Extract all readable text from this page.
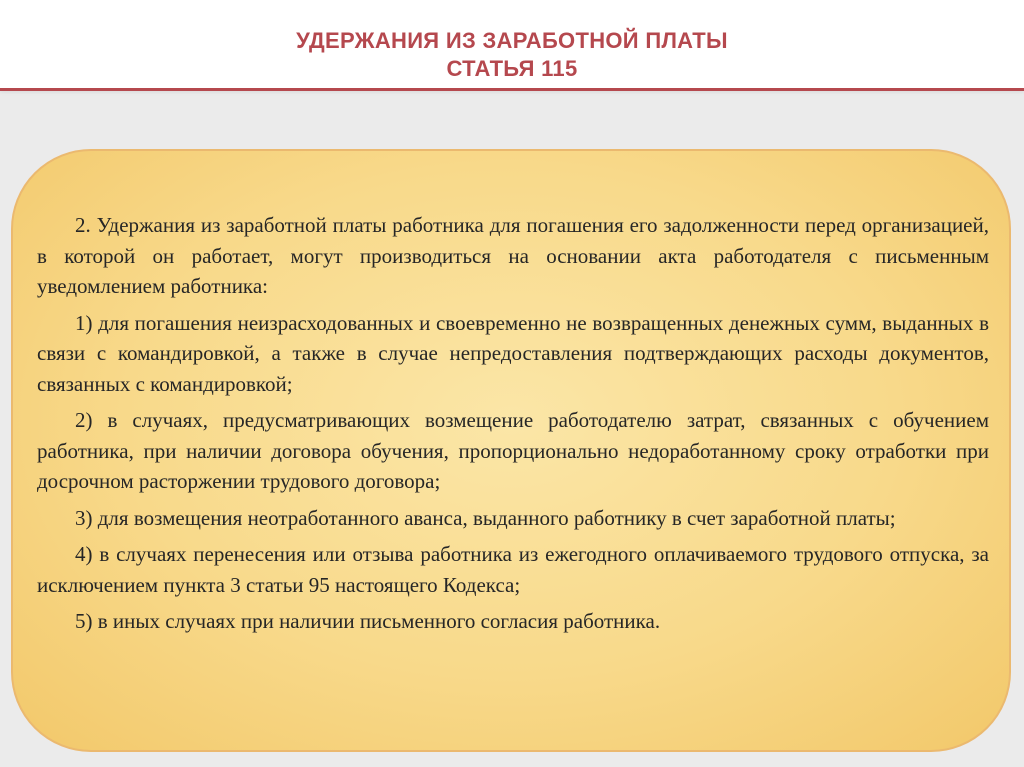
УДЕРЖАНИЯ ИЗ ЗАРАБОТНОЙ ПЛАТЫ
СТАТЬЯ 115

2. Удержания из заработной платы работника для погашения его задолженности перед организацией, в которой он работает, могут производиться на основании акта работодателя с письменным уведомлением работника:

1) для погашения неизрасходованных и своевременно не возвращенных денежных сумм, выданных в связи с командировкой, а также в случае непредоставления подтверждающих расходы документов, связанных с командировкой;

2) в случаях, предусматривающих возмещение работодателю затрат, связанных с обучением работника, при наличии договора обучения, пропорционально недоработанному сроку отработки при досрочном расторжении трудового договора;

3) для возмещения неотработанного аванса, выданного работнику в счет заработной платы;

4) в случаях перенесения или отзыва работника из ежегодного оплачиваемого трудового отпуска, за исключением пункта 3 статьи 95 настоящего Кодекса;

5) в иных случаях при наличии письменного согласия работника.
